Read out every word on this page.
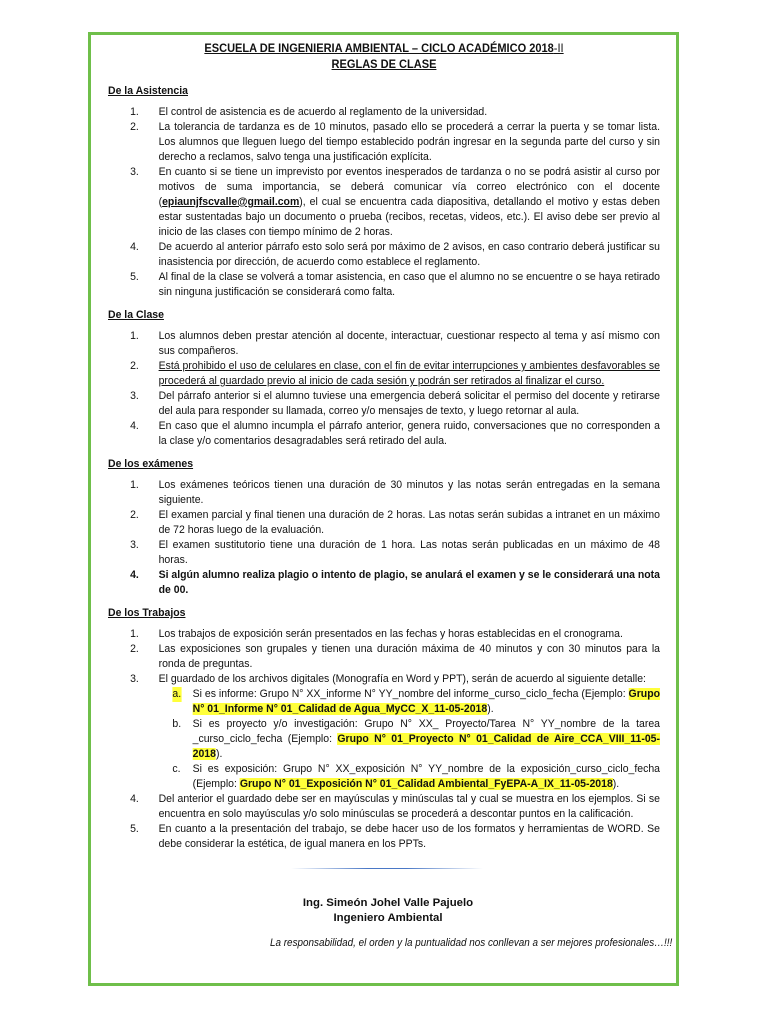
ESCUELA DE INGENIERIA AMBIENTAL – CICLO ACADÉMICO 2018-II
REGLAS DE CLASE
De la Asistencia
1. El control de asistencia es de acuerdo al reglamento de la universidad.
2. La tolerancia de tardanza es de 10 minutos, pasado ello se procederá a cerrar la puerta y se tomar lista. Los alumnos que lleguen luego del tiempo establecido podrán ingresar en la segunda parte del curso y sin derecho a reclamos, salvo tenga una justificación explícita.
3. En cuanto si se tiene un imprevisto por eventos inesperados de tardanza o no se podrá asistir al curso por motivos de suma importancia, se deberá comunicar vía correo electrónico con el docente (epiaunjfscvalle@gmail.com), el cual se encuentra cada diapositiva, detallando el motivo y estas deben estar sustentadas bajo un documento o prueba (recibos, recetas, videos, etc.). El aviso debe ser previo al inicio de las clases con tiempo mínimo de 2 horas.
4. De acuerdo al anterior párrafo esto solo será por máximo de 2 avisos, en caso contrario deberá justificar su inasistencia por dirección, de acuerdo como establece el reglamento.
5. Al final de la clase se volverá a tomar asistencia, en caso que el alumno no se encuentre o se haya retirado sin ninguna justificación se considerará como falta.
De la Clase
1. Los alumnos deben prestar atención al docente, interactuar, cuestionar respecto al tema y así mismo con sus compañeros.
2. Está prohibido el uso de celulares en clase, con el fin de evitar interrupciones y ambientes desfavorables se procederá al guardado previo al inicio de cada sesión y podrán ser retirados al finalizar el curso.
3. Del párrafo anterior si el alumno tuviese una emergencia deberá solicitar el permiso del docente y retirarse del aula para responder su llamada, correo y/o mensajes de texto, y luego retornar al aula.
4. En caso que el alumno incumpla el párrafo anterior, genera ruido, conversaciones que no corresponden a la clase y/o comentarios desagradables será retirado del aula.
De los exámenes
1. Los exámenes teóricos tienen una duración de 30 minutos y las notas serán entregadas en la semana siguiente.
2. El examen parcial y final tienen una duración de 2 horas. Las notas serán subidas a intranet en un máximo de 72 horas luego de la evaluación.
3. El examen sustitutorio tiene una duración de 1 hora. Las notas serán publicadas en un máximo de 48 horas.
4. Si algún alumno realiza plagio o intento de plagio, se anulará el examen y se le considerará una nota de 00.
De los Trabajos
1. Los trabajos de exposición serán presentados en las fechas y horas establecidas en el cronograma.
2. Las exposiciones son grupales y tienen una duración máxima de 40 minutos y con 30 minutos para la ronda de preguntas.
3. El guardado de los archivos digitales (Monografía en Word y PPT), serán de acuerdo al siguiente detalle:
a. Si es informe: Grupo N° XX_informe N° YY_nombre del informe_curso_ciclo_fecha (Ejemplo: Grupo N° 01_Informe N° 01_Calidad de Agua_MyCC_X_11-05-2018).
b. Si es proyecto y/o investigación: Grupo N° XX_ Proyecto/Tarea N° YY_nombre de la tarea _curso_ciclo_fecha (Ejemplo: Grupo N° 01_Proyecto N° 01_Calidad de Aire_CCA_VIII_11-05-2018).
c. Si es exposición: Grupo N° XX_exposición N° YY_nombre de la exposición_curso_ciclo_fecha (Ejemplo: Grupo N° 01_Exposición N° 01_Calidad Ambiental_FyEPA-A_IX_11-05-2018).
4. Del anterior el guardado debe ser en mayúsculas y minúsculas tal y cual se muestra en los ejemplos. Si se encuentra en solo mayúsculas y/o solo minúsculas se procederá a descontar puntos en la calificación.
5. En cuanto a la presentación del trabajo, se debe hacer uso de los formatos y herramientas de WORD. Se debe considerar la estética, de igual manera en los PPTs.
Ing. Simeón Johel Valle Pajuelo
Ingeniero Ambiental
La responsabilidad, el orden y la puntualidad nos conllevan a ser mejores profesionales…!!!
